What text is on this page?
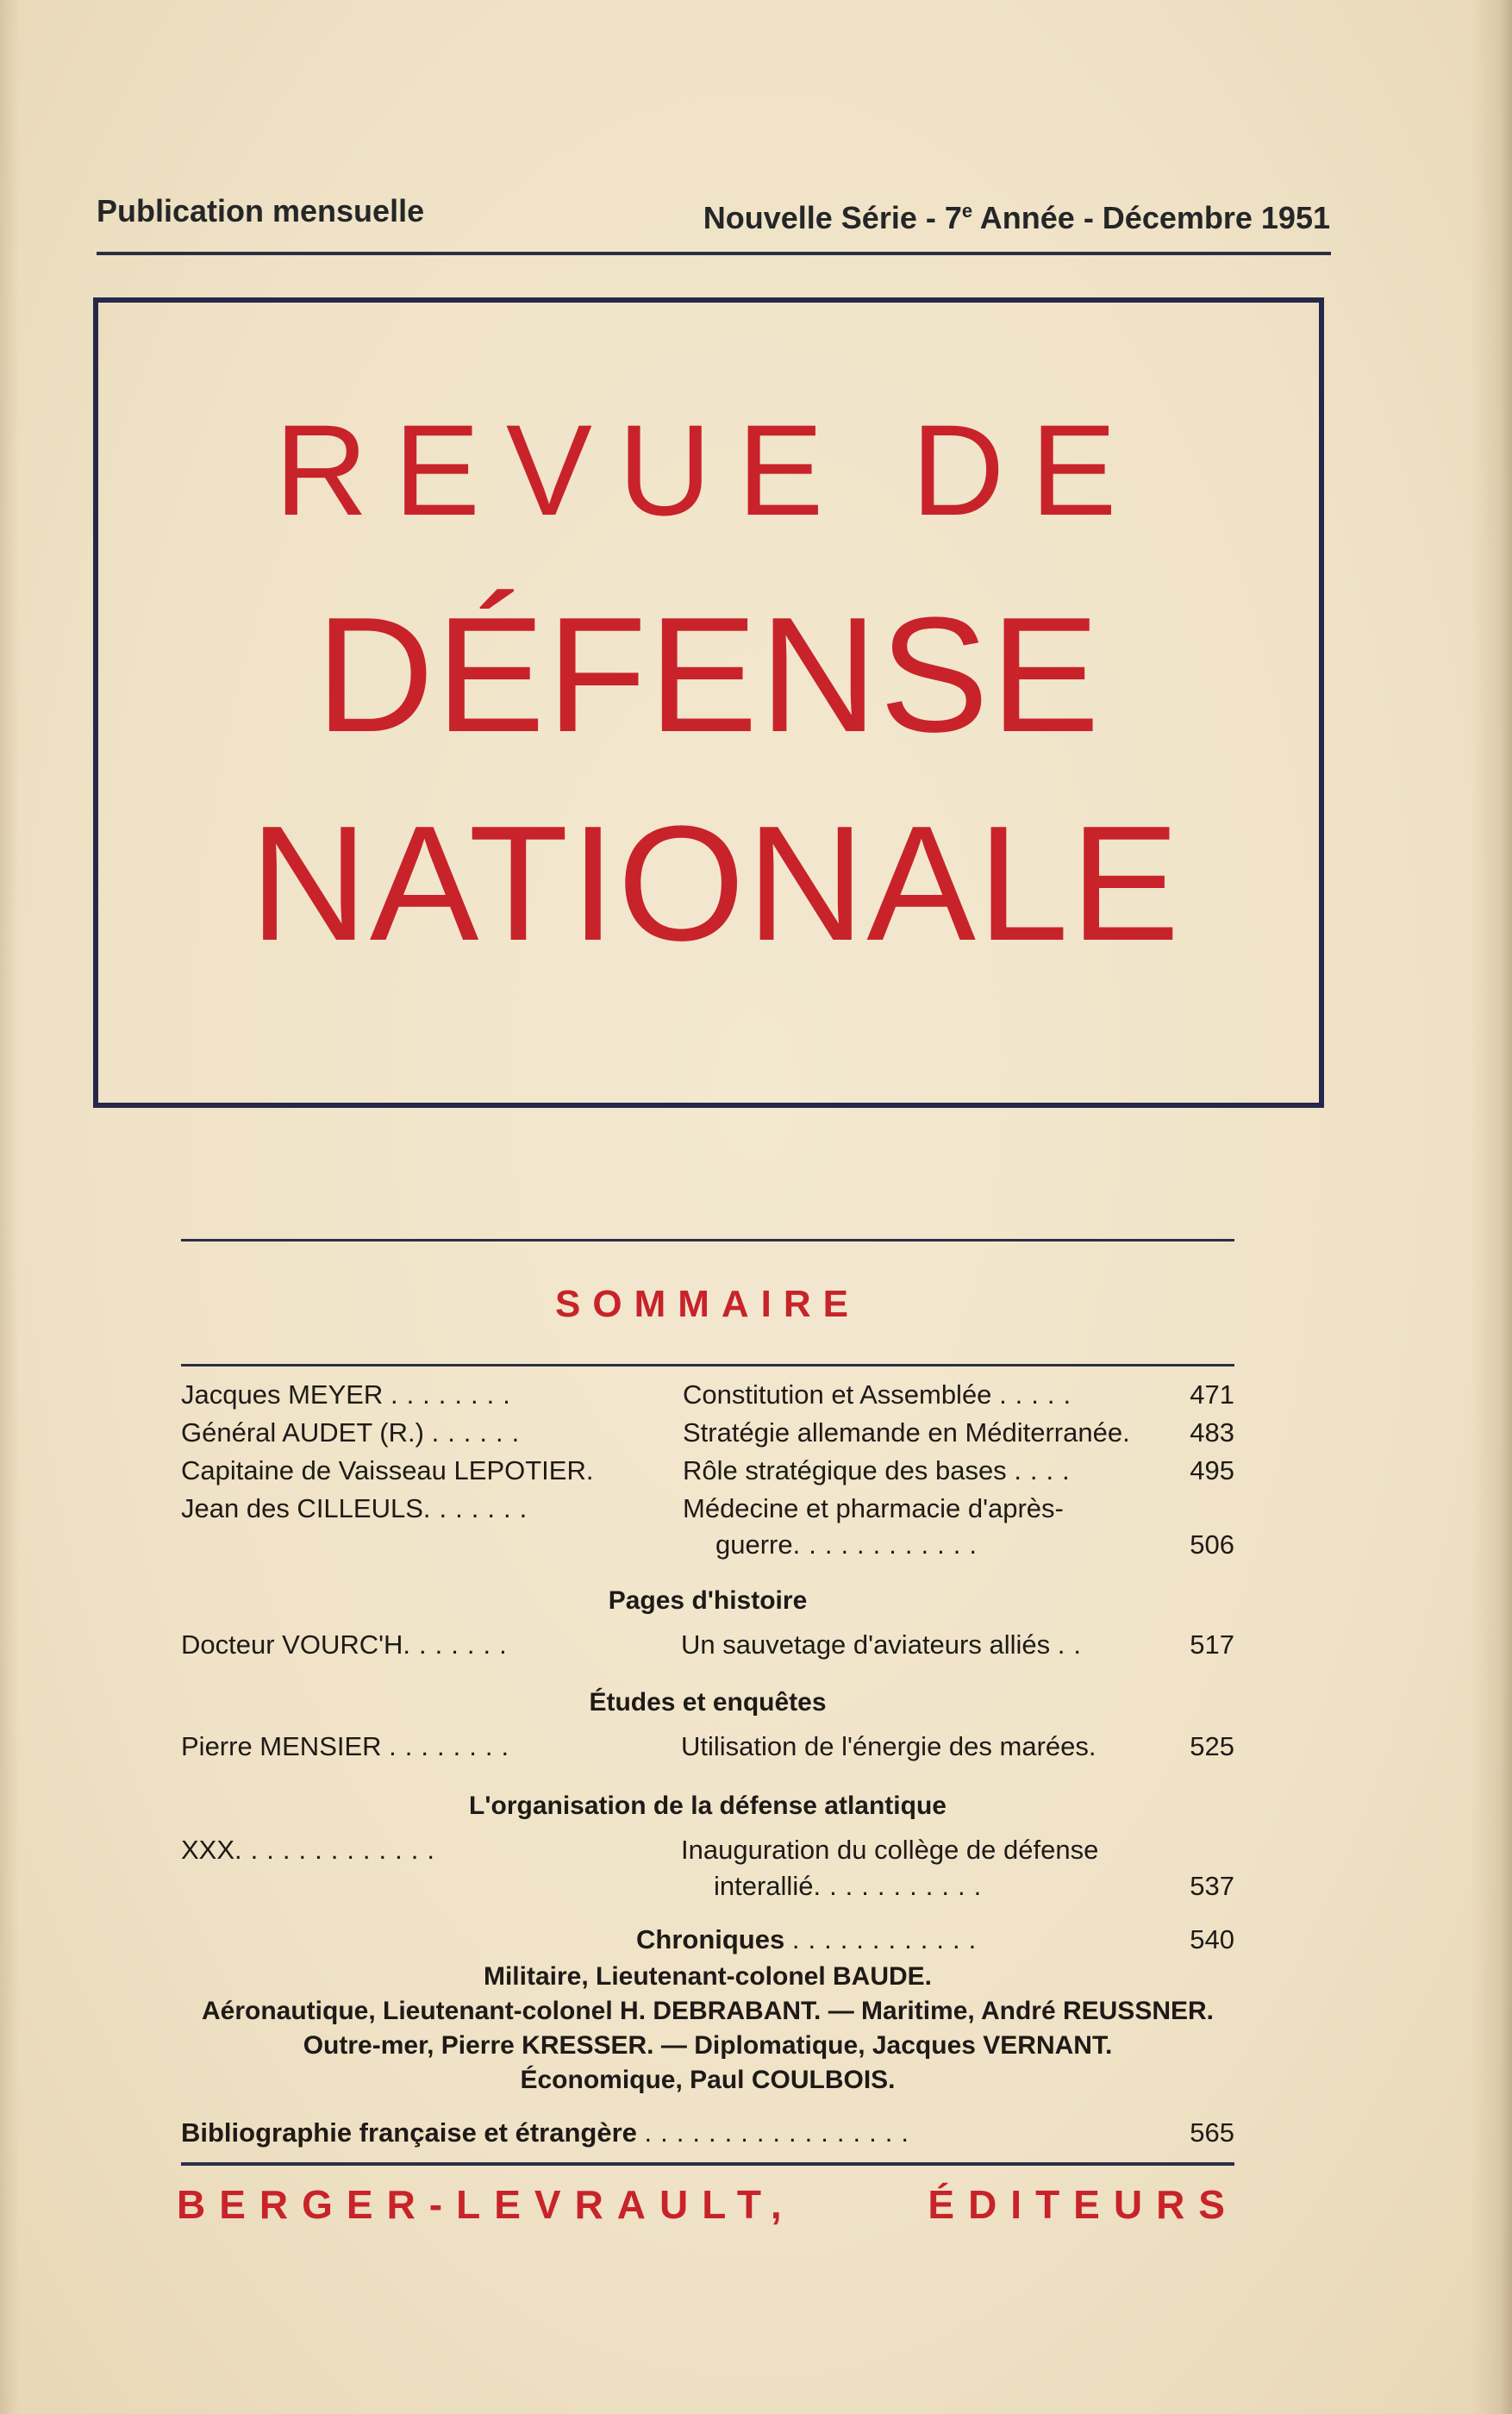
Publication mensuelle	Nouvelle Série - 7e Année - Décembre 1951
REVUE DE
DÉFENSE
NATIONALE
SOMMAIRE
Jacques MEYER ........	Constitution et Assemblée .....	471
Général AUDET (R.) ......	Stratégie allemande en Méditerranée.	483
Capitaine de Vaisseau LEPOTIER.	Rôle stratégique des bases ....	495
Jean des CILLEULS.......	Médecine et pharmacie d'après-
guerre............	506
Pages d'histoire
Docteur VOURC'H.......	Un sauvetage d'aviateurs alliés ..	517
Études et enquêtes
Pierre MENSIER ........	Utilisation de l'énergie des marées.	525
L'organisation de la défense atlantique
XXX.............	Inauguration du collège de défense
interallié...........	537
Chroniques ............	540
Militaire, Lieutenant-colonel BAUDE.
Aéronautique, Lieutenant-colonel H. DEBRABANT. — Maritime, André REUSSNER.
Outre-mer, Pierre KRESSER. — Diplomatique, Jacques VERNANT.
Économique, Paul COULBOIS.
Bibliographie française et étrangère .................	565
BERGER-LEVRAULT,	ÉDITEURS
